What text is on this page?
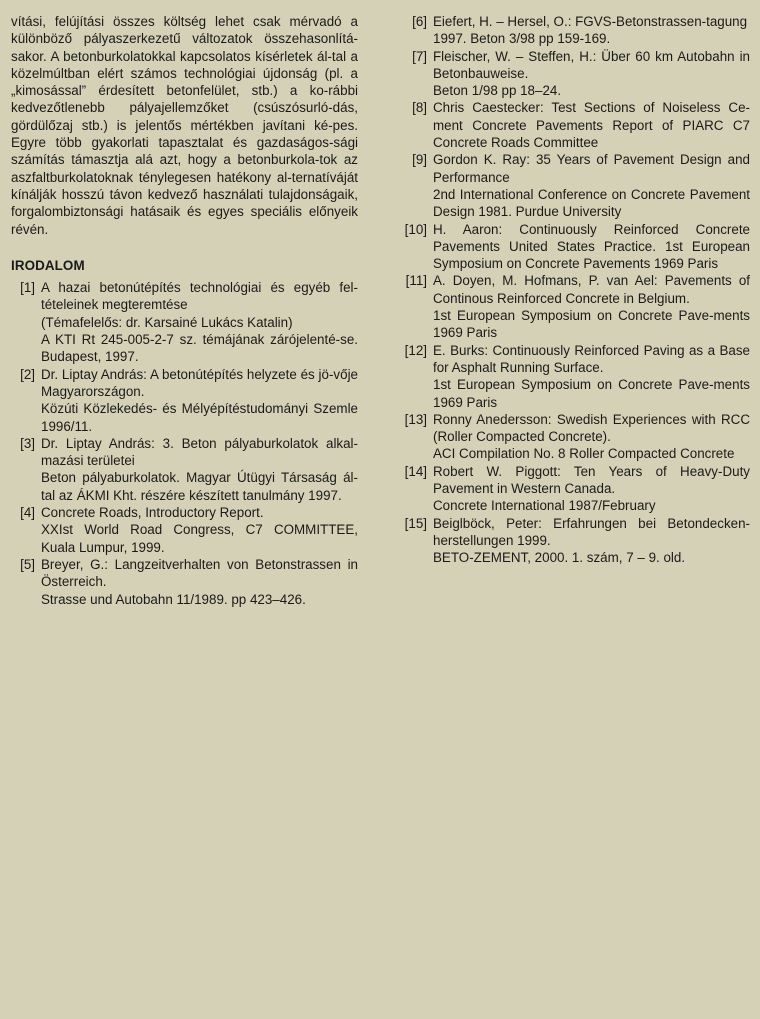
vítási, felújítási összes költség lehet csak mérvadó a különböző pályaszerkezetű változatok összehasonlítá-sakor. A betonburkolatokkal kapcsolatos kísérletek ál-tal a közelmúltban elért számos technológiai újdonság (pl. a „kimosással” érdesített betonfelület, stb.) a ko-rábbi kedvezőtlenebb pályajellemzőket (csúszósurló-dás, gördülőzaj stb.) is jelentős mértékben javítani ké-pes. Egyre több gyakorlati tapasztalat és gazdaságos-sági számítás támasztja alá azt, hogy a betonburkola-tok az aszfaltburkolatoknak ténylegesen hatékony al-ternatíváját kínálják hosszú távon kedvező használati tulajdonságaik, forgalombiztonsági hatásaik és egyes speciális előnyeik révén.

IRODALOM
[1] A hazai betonútépítés technológiai és egyéb fel-tételeinek megteremtése
(Témafelelős: dr. Karsainé Lukács Katalin)
A KTI Rt 245-005-2-7 sz. témájának zárójelenté-se. Budapest, 1997.
[2] Dr. Liptay András: A betonútépítés helyzete és jö-vője Magyarországon.
Közúti Közlekedés- és Mélyépítéstudományi Szemle 1996/11.
[3] Dr. Liptay András: 3. Beton pályaburkolatok alkal-mazási területei
Beton pályaburkolatok. Magyar Útügyi Társaság ál-tal az ÁKMI Kht. részére készített tanulmány 1997.
[4] Concrete Roads, Introductory Report.
XXIst World Road Congress, C7 COMMITTEE, Kuala Lumpur, 1999.
[5] Breyer, G.: Langzeitverhalten von Betonstrassen in Österreich.
Strasse und Autobahn 11/1989. pp 423–426.
[6] Eiefert, H. – Hersel, O.: FGVS-Betonstrassen-tagung
1997. Beton 3/98 pp 159-169.
[7] Fleischer, W. – Steffen, H.: Über 60 km Autobahn in Betonbauweise.
Beton 1/98 pp 18–24.
[8] Chris Caestecker: Test Sections of Noiseless Ce-ment Concrete Pavements Report of PIARC C7 Concrete Roads Committee
[9] Gordon K. Ray: 35 Years of Pavement Design and Performance
2nd International Conference on Concrete Pavement Design 1981. Purdue University
[10] H. Aaron: Continuously Reinforced Concrete Pavements United States Practice. 1st European Symposium on Concrete Pavements 1969 Paris
[11] A. Doyen, M. Hofmans, P. van Ael: Pavements of Continous Reinforced Concrete in Belgium.
1st European Symposium on Concrete Pave-ments 1969 Paris
[12] E. Burks: Continuously Reinforced Paving as a Base for Asphalt Running Surface.
1st European Symposium on Concrete Pave-ments 1969 Paris
[13] Ronny Anedersson: Swedish Experiences with RCC (Roller Compacted Concrete).
ACI Compilation No. 8 Roller Compacted Concrete
[14] Robert W. Piggott: Ten Years of Heavy-Duty Pavement in Western Canada.
Concrete International 1987/February
[15] Beiglböck, Peter: Erfahrungen bei Betondecken-herstellungen 1999.
BETO-ZEMENT, 2000. 1. szám, 7 – 9. old.
